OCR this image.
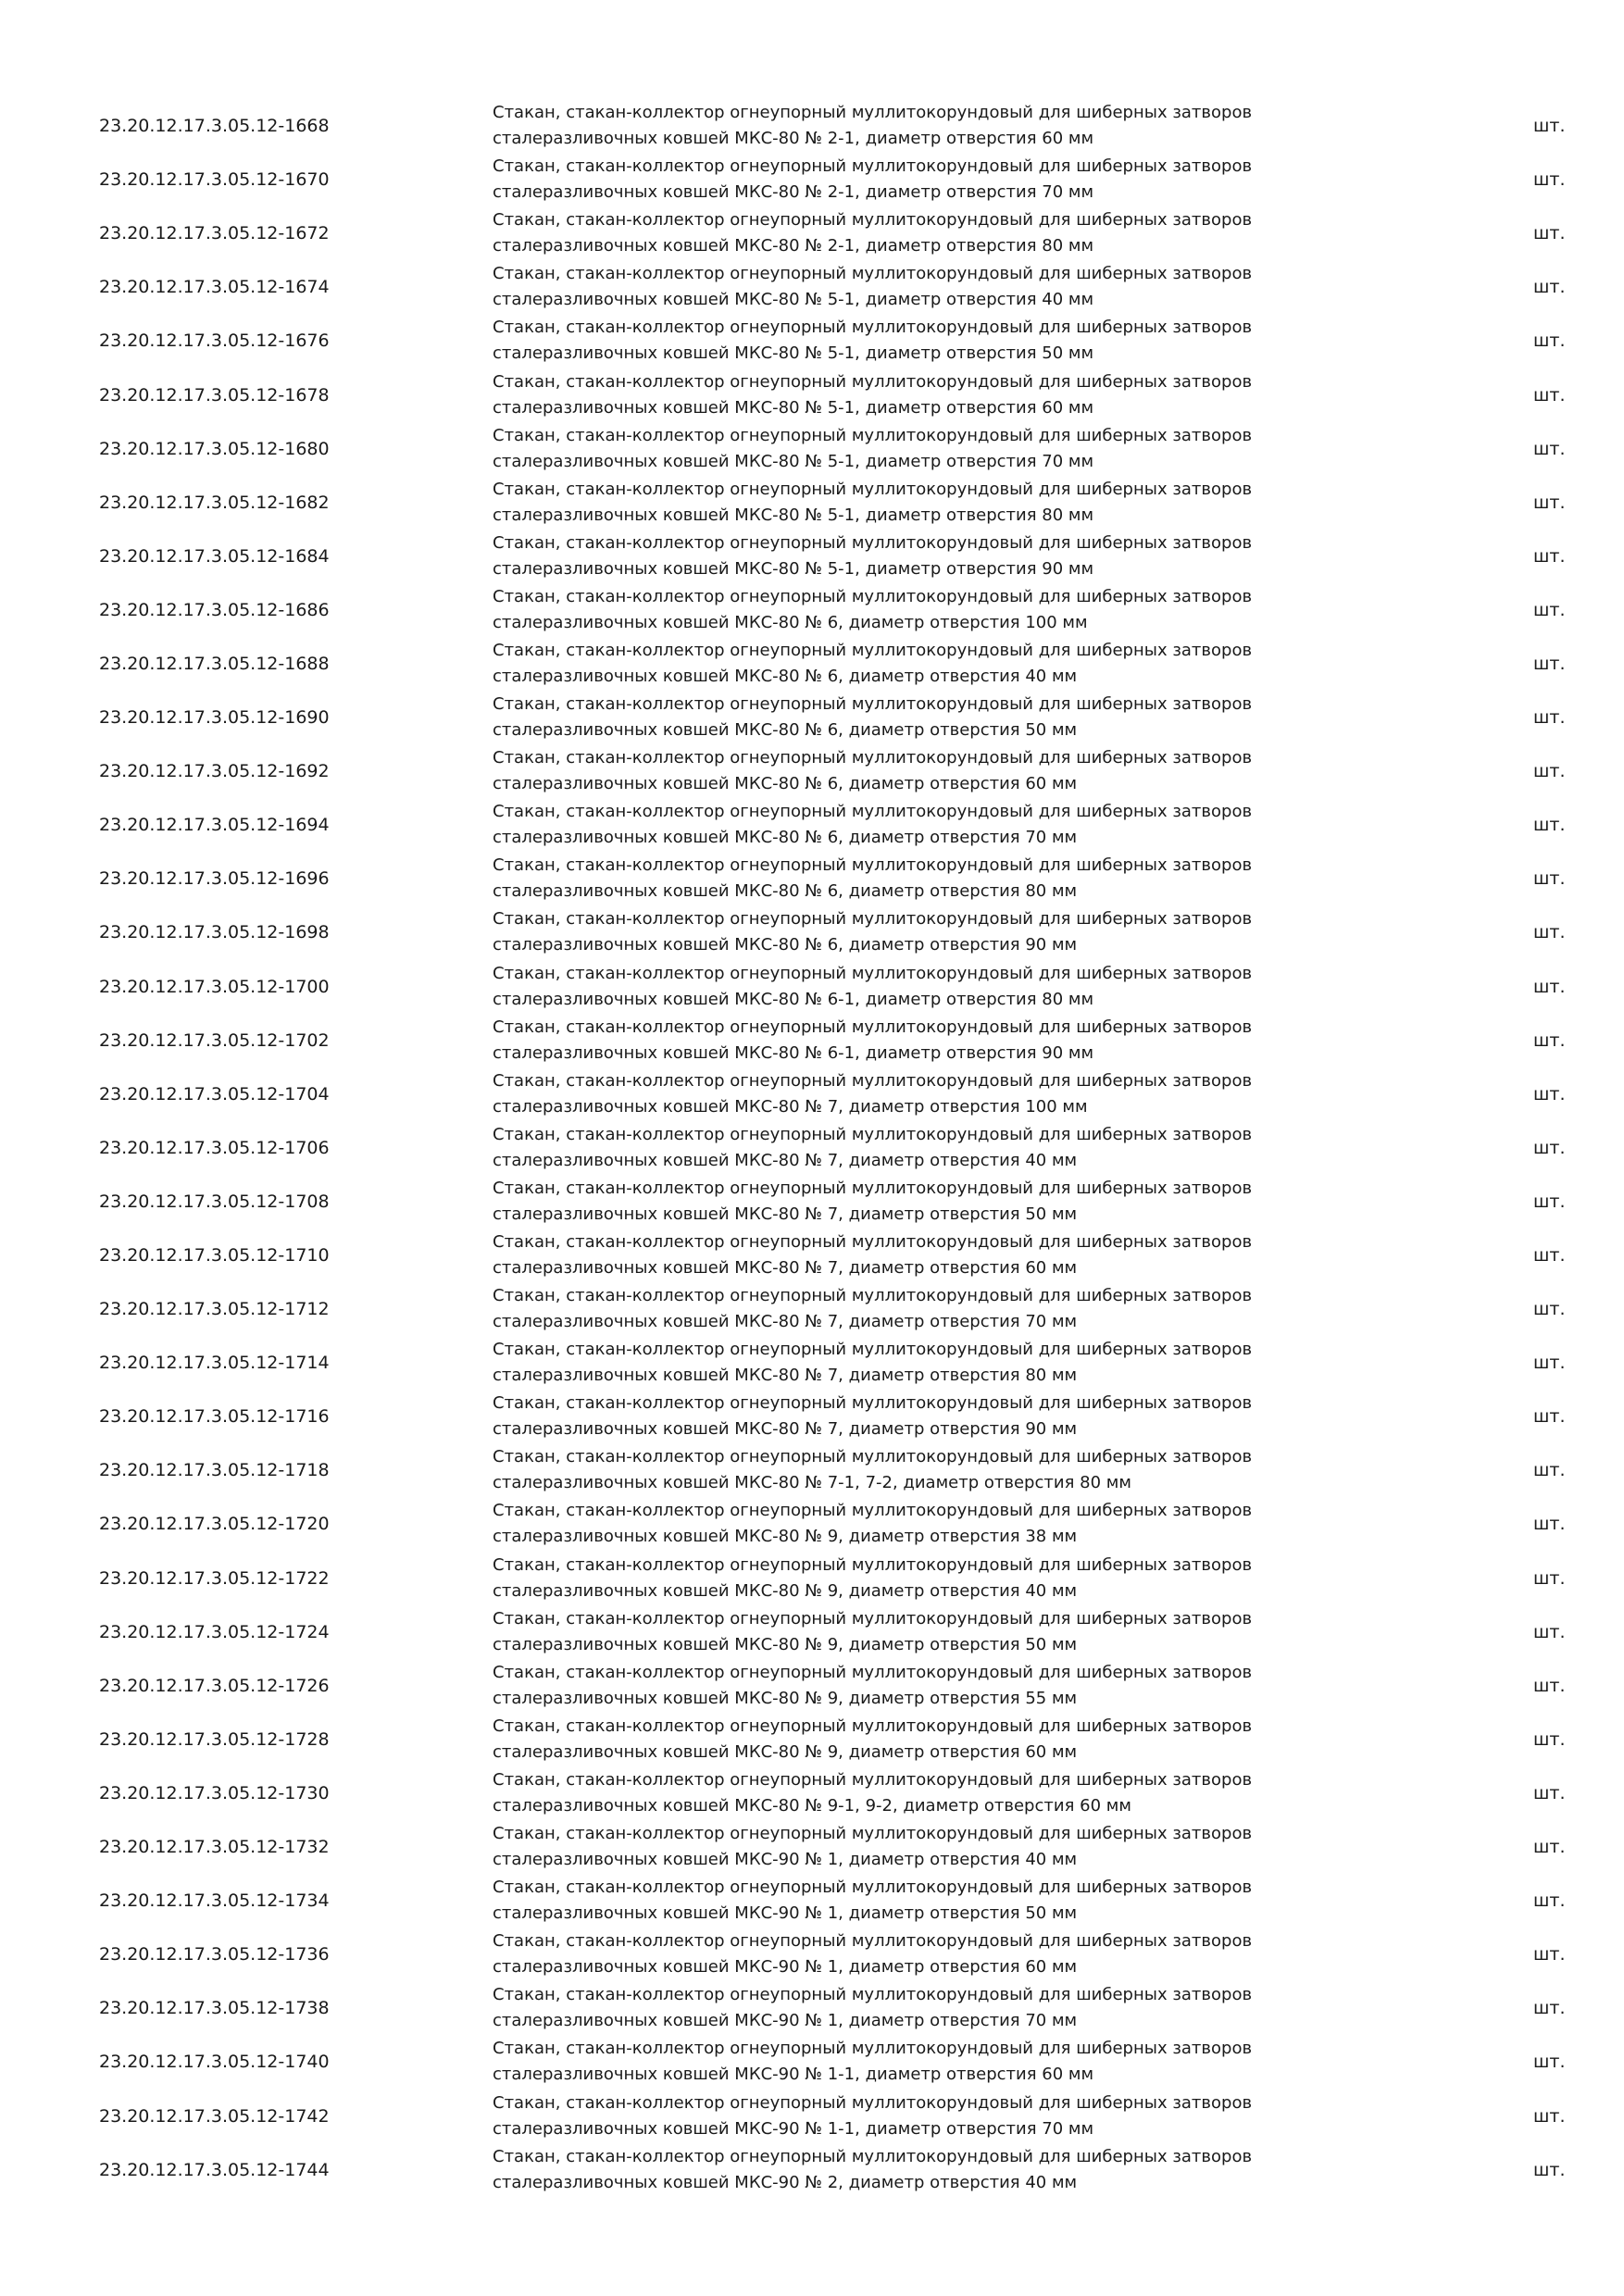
23.20.12.17.3.05.12-1668
Стакан, стакан-коллектор огнеупорный муллитокорундовый для шиберных затворов
сталеразливочных ковшей МКС-80 № 2-1, диаметр отверстия 60 мм
шт.
23.20.12.17.3.05.12-1670
Стакан, стакан-коллектор огнеупорный муллитокорундовый для шиберных затворов
сталеразливочных ковшей МКС-80 № 2-1, диаметр отверстия 70 мм
шт.
23.20.12.17.3.05.12-1672
Стакан, стакан-коллектор огнеупорный муллитокорундовый для шиберных затворов
сталеразливочных ковшей МКС-80 № 2-1, диаметр отверстия 80 мм
шт.
23.20.12.17.3.05.12-1674
Стакан, стакан-коллектор огнеупорный муллитокорундовый для шиберных затворов
сталеразливочных ковшей МКС-80 № 5-1, диаметр отверстия 40 мм
шт.
23.20.12.17.3.05.12-1676
Стакан, стакан-коллектор огнеупорный муллитокорундовый для шиберных затворов
сталеразливочных ковшей МКС-80 № 5-1, диаметр отверстия 50 мм
шт.
23.20.12.17.3.05.12-1678
Стакан, стакан-коллектор огнеупорный муллитокорундовый для шиберных затворов
сталеразливочных ковшей МКС-80 № 5-1, диаметр отверстия 60 мм
шт.
23.20.12.17.3.05.12-1680
Стакан, стакан-коллектор огнеупорный муллитокорундовый для шиберных затворов
сталеразливочных ковшей МКС-80 № 5-1, диаметр отверстия 70 мм
шт.
23.20.12.17.3.05.12-1682
Стакан, стакан-коллектор огнеупорный муллитокорундовый для шиберных затворов
сталеразливочных ковшей МКС-80 № 5-1, диаметр отверстия 80 мм
шт.
23.20.12.17.3.05.12-1684
Стакан, стакан-коллектор огнеупорный муллитокорундовый для шиберных затворов
сталеразливочных ковшей МКС-80 № 5-1, диаметр отверстия 90 мм
шт.
23.20.12.17.3.05.12-1686
Стакан, стакан-коллектор огнеупорный муллитокорундовый для шиберных затворов
сталеразливочных ковшей МКС-80 № 6, диаметр отверстия 100 мм
шт.
23.20.12.17.3.05.12-1688
Стакан, стакан-коллектор огнеупорный муллитокорундовый для шиберных затворов
сталеразливочных ковшей МКС-80 № 6, диаметр отверстия 40 мм
шт.
23.20.12.17.3.05.12-1690
Стакан, стакан-коллектор огнеупорный муллитокорундовый для шиберных затворов
сталеразливочных ковшей МКС-80 № 6, диаметр отверстия 50 мм
шт.
23.20.12.17.3.05.12-1692
Стакан, стакан-коллектор огнеупорный муллитокорундовый для шиберных затворов
сталеразливочных ковшей МКС-80 № 6, диаметр отверстия 60 мм
шт.
23.20.12.17.3.05.12-1694
Стакан, стакан-коллектор огнеупорный муллитокорундовый для шиберных затворов
сталеразливочных ковшей МКС-80 № 6, диаметр отверстия 70 мм
шт.
23.20.12.17.3.05.12-1696
Стакан, стакан-коллектор огнеупорный муллитокорундовый для шиберных затворов
сталеразливочных ковшей МКС-80 № 6, диаметр отверстия 80 мм
шт.
23.20.12.17.3.05.12-1698
Стакан, стакан-коллектор огнеупорный муллитокорундовый для шиберных затворов
сталеразливочных ковшей МКС-80 № 6, диаметр отверстия 90 мм
шт.
23.20.12.17.3.05.12-1700
Стакан, стакан-коллектор огнеупорный муллитокорундовый для шиберных затворов
сталеразливочных ковшей МКС-80 № 6-1, диаметр отверстия 80 мм
шт.
23.20.12.17.3.05.12-1702
Стакан, стакан-коллектор огнеупорный муллитокорундовый для шиберных затворов
сталеразливочных ковшей МКС-80 № 6-1, диаметр отверстия 90 мм
шт.
23.20.12.17.3.05.12-1704
Стакан, стакан-коллектор огнеупорный муллитокорундовый для шиберных затворов
сталеразливочных ковшей МКС-80 № 7, диаметр отверстия 100 мм
шт.
23.20.12.17.3.05.12-1706
Стакан, стакан-коллектор огнеупорный муллитокорундовый для шиберных затворов
сталеразливочных ковшей МКС-80 № 7, диаметр отверстия 40 мм
шт.
23.20.12.17.3.05.12-1708
Стакан, стакан-коллектор огнеупорный муллитокорундовый для шиберных затворов
сталеразливочных ковшей МКС-80 № 7, диаметр отверстия 50 мм
шт.
23.20.12.17.3.05.12-1710
Стакан, стакан-коллектор огнеупорный муллитокорундовый для шиберных затворов
сталеразливочных ковшей МКС-80 № 7, диаметр отверстия 60 мм
шт.
23.20.12.17.3.05.12-1712
Стакан, стакан-коллектор огнеупорный муллитокорундовый для шиберных затворов
сталеразливочных ковшей МКС-80 № 7, диаметр отверстия 70 мм
шт.
23.20.12.17.3.05.12-1714
Стакан, стакан-коллектор огнеупорный муллитокорундовый для шиберных затворов
сталеразливочных ковшей МКС-80 № 7, диаметр отверстия 80 мм
шт.
23.20.12.17.3.05.12-1716
Стакан, стакан-коллектор огнеупорный муллитокорундовый для шиберных затворов
сталеразливочных ковшей МКС-80 № 7, диаметр отверстия 90 мм
шт.
23.20.12.17.3.05.12-1718
Стакан, стакан-коллектор огнеупорный муллитокорундовый для шиберных затворов
сталеразливочных ковшей МКС-80 № 7-1, 7-2, диаметр отверстия 80 мм
шт.
23.20.12.17.3.05.12-1720
Стакан, стакан-коллектор огнеупорный муллитокорундовый для шиберных затворов
сталеразливочных ковшей МКС-80 № 9, диаметр отверстия 38 мм
шт.
23.20.12.17.3.05.12-1722
Стакан, стакан-коллектор огнеупорный муллитокорундовый для шиберных затворов
сталеразливочных ковшей МКС-80 № 9, диаметр отверстия 40 мм
шт.
23.20.12.17.3.05.12-1724
Стакан, стакан-коллектор огнеупорный муллитокорундовый для шиберных затворов
сталеразливочных ковшей МКС-80 № 9, диаметр отверстия 50 мм
шт.
23.20.12.17.3.05.12-1726
Стакан, стакан-коллектор огнеупорный муллитокорундовый для шиберных затворов
сталеразливочных ковшей МКС-80 № 9, диаметр отверстия 55 мм
шт.
23.20.12.17.3.05.12-1728
Стакан, стакан-коллектор огнеупорный муллитокорундовый для шиберных затворов
сталеразливочных ковшей МКС-80 № 9, диаметр отверстия 60 мм
шт.
23.20.12.17.3.05.12-1730
Стакан, стакан-коллектор огнеупорный муллитокорундовый для шиберных затворов
сталеразливочных ковшей МКС-80 № 9-1, 9-2, диаметр отверстия 60 мм
шт.
23.20.12.17.3.05.12-1732
Стакан, стакан-коллектор огнеупорный муллитокорундовый для шиберных затворов
сталеразливочных ковшей МКС-90 № 1, диаметр отверстия 40 мм
шт.
23.20.12.17.3.05.12-1734
Стакан, стакан-коллектор огнеупорный муллитокорундовый для шиберных затворов
сталеразливочных ковшей МКС-90 № 1, диаметр отверстия 50 мм
шт.
23.20.12.17.3.05.12-1736
Стакан, стакан-коллектор огнеупорный муллитокорундовый для шиберных затворов
сталеразливочных ковшей МКС-90 № 1, диаметр отверстия 60 мм
шт.
23.20.12.17.3.05.12-1738
Стакан, стакан-коллектор огнеупорный муллитокорундовый для шиберных затворов
сталеразливочных ковшей МКС-90 № 1, диаметр отверстия 70 мм
шт.
23.20.12.17.3.05.12-1740
Стакан, стакан-коллектор огнеупорный муллитокорундовый для шиберных затворов
сталеразливочных ковшей МКС-90 № 1-1, диаметр отверстия 60 мм
шт.
23.20.12.17.3.05.12-1742
Стакан, стакан-коллектор огнеупорный муллитокорундовый для шиберных затворов
сталеразливочных ковшей МКС-90 № 1-1, диаметр отверстия 70 мм
шт.
23.20.12.17.3.05.12-1744
Стакан, стакан-коллектор огнеупорный муллитокорундовый для шиберных затворов
сталеразливочных ковшей МКС-90 № 2, диаметр отверстия 40 мм
шт.
